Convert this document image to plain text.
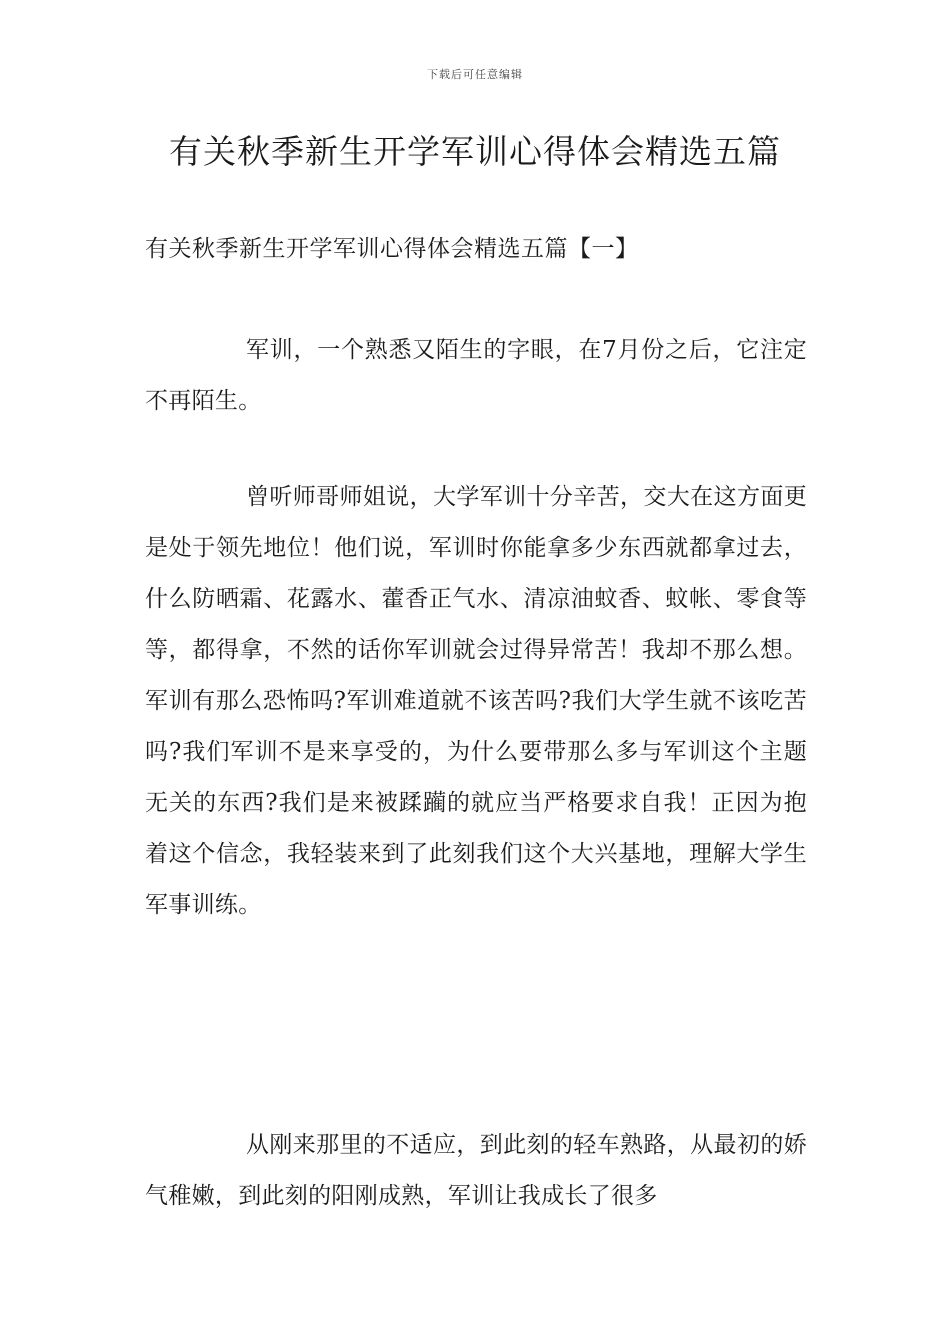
下载后可任意编辑
有关秋季新生开学军训心得体会精选五篇
有关秋季新生开学军训心得体会精选五篇【一】

军训，一个熟悉又陌生的字眼，在7月份之后，它注定不再陌生。

曾听师哥师姐说，大学军训十分辛苦，交大在这方面更是处于领先地位！他们说，军训时你能拿多少东西就都拿过去，什么防晒霜、花露水、藿香正气水、清凉油蚊香、蚊帐、零食等等，都得拿，不然的话你军训就会过得异常苦！我却不那么想。军训有那么恐怖吗?军训难道就不该苦吗?我们大学生就不该吃苦吗?我们军训不是来享受的，为什么要带那么多与军训这个主题无关的东西?我们是来被蹂躏的就应当严格要求自我！正因为抱着这个信念，我轻装来到了此刻我们这个大兴基地，理解大学生军事训练。

从刚来那里的不适应，到此刻的轻车熟路，从最初的娇气稚嫩，到此刻的阳刚成熟，军训让我成长了很多
